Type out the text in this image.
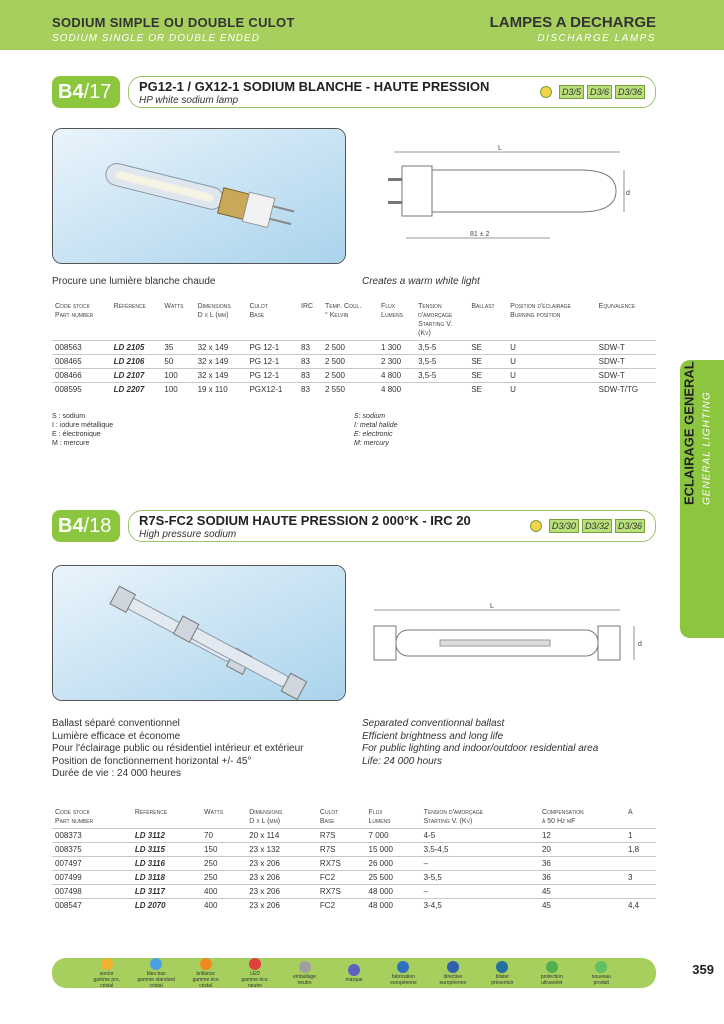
SODIUM SIMPLE OU DOUBLE CULOT
SODIUM SINGLE OR DOUBLE ENDED
LAMPES A DECHARGE
DISCHARGE LAMPS
B4/17	PG12-1 / GX12-1 SODIUM BLANCHE - HAUTE PRESSION
HP white sodium lamp
D3/5	D3/6	D3/36
L
d
81 ± 2
Procure une lumière blanche chaude	Creates a warm white light
Code stock
Part number	Référence	Watts	Dimensions
D x L (mm)	Culot
Base	IRC	Temp. Coul.
° Kelvin	Flux
Lumens	Tension
d'amorçage
Starting V.
(Kv)	Ballast	Position d'éclairage
Burning position	Equivalence
008563	LD 2105	35	32 x 149	PG 12-1	83	2 500	1 300	3,5-5	SE	U	SDW-T
008465	LD 2106	50	32 x 149	PG 12-1	83	2 500	2 300	3,5-5	SE	U	SDW-T
008466	LD 2107	100	32 x 149	PG 12-1	83	2 500	4 800	3,5-5	SE	U	SDW-T
008595	LD 2207	100	19 x 110	PGX12-1	83	2 550	4 800		SE	U	SDW-T/TG
S : sodium
I : iodure métallique
E : électronique
M : mercure
S: sodium
I: metal halide
E: electronic
M: mercury
B4/18	R7S-FC2 SODIUM HAUTE PRESSION 2 000°K - IRC 20
High pressure sodium
D3/30	D3/32	D3/36
L
d
Ballast séparé conventionnel
Lumière efficace et économe
Pour l'éclairage public ou résidentiel intérieur et extérieur
Position de fonctionnement horizontal +/- 45°
Durée de vie : 24 000 heures
Separated conventionnal ballast
Efficient brightness and long life
For public lighting and indoor/outdoor residential area
Life: 24 000 hours
Code stock
Part number	Référence	Watts	Dimensions
D x L (mm)	Culot
Base	Flux
Lumens	Tension d'amorçage
Starting V. (Kv)	Compensation
à 50 Hz µF	A
008373	LD 3112	70	20 x 114	R7S	7 000	4-5	12	1
008375	LD 3115	150	23 x 132	R7S	15 000	3,5-4,5	20	1,8
007497	LD 3116	250	23 x 206	RX7S	26 000	–	36	
007499	LD 3118	250	23 x 206	FC2	25 500	3-5,5	36	3
007498	LD 3117	400	23 x 206	RX7S	48 000	–	45	
008547	LD 2070	400	23 x 206	FC2	48 000	3-4,5	45	4,4
ECLAIRAGE GENERAL GENERAL LIGHTING
son/or
gamme pro. cristal
bleu bas
gamme standard cristal
brillance
gamme éco cristal
LED
gamme éco. neutre
emballage
neutre	marque	fabrication
européenne
directive
européenne
blister
présentoir
protection
ultraviolet
nouveau
produit
359
